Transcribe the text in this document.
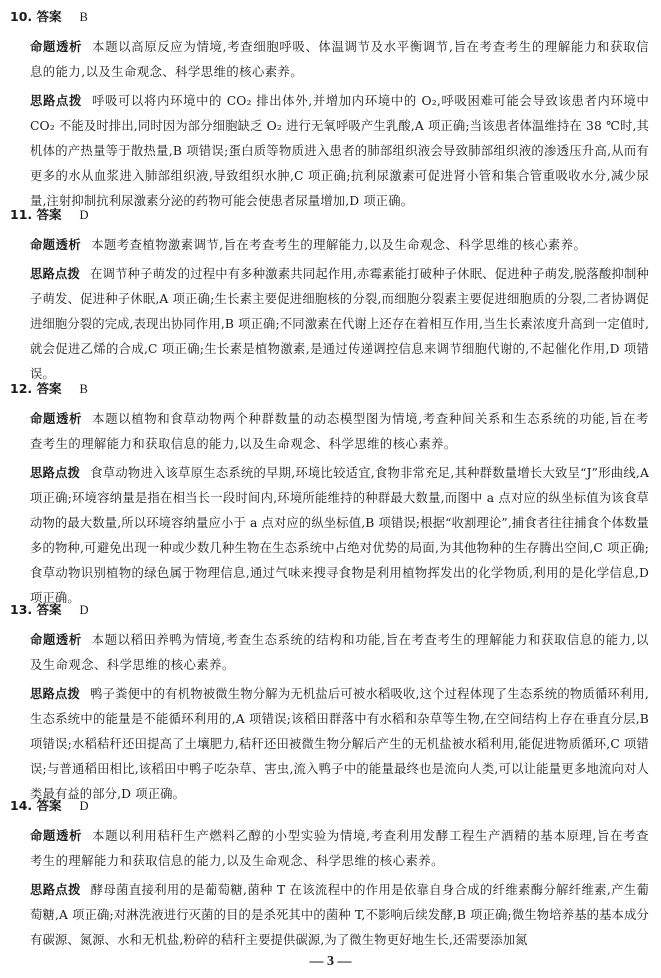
10. 答案 B
命题透析 本题以高原反应为情境,考查细胞呼吸、体温调节及水平衡调节,旨在考查考生的理解能力和获取信息的能力,以及生命观念、科学思维的核心素养。
思路点拨 呼吸可以将内环境中的 CO₂ 排出体外,并增加内环境中的 O₂,呼吸困难可能会导致该患者内环境中 CO₂ 不能及时排出,同时因为部分细胞缺乏 O₂ 进行无氧呼吸产生乳酸,A 项正确;当该患者体温维持在 38 ℃时,其机体的产热量等于散热量,B 项错误;蛋白质等物质进入患者的肺部组织液会导致肺部组织液的渗透压升高,从而有更多的水从血浆进入肺部组织液,导致组织水肿,C 项正确;抗利尿激素可促进肾小管和集合管重吸收水分,减少尿量,注射抑制抗利尿激素分泌的药物可能会使患者尿量增加,D 项正确。
11. 答案 D
命题透析 本题考查植物激素调节,旨在考查考生的理解能力,以及生命观念、科学思维的核心素养。
思路点拨 在调节种子萌发的过程中有多种激素共同起作用,赤霉素能打破种子休眠、促进种子萌发,脱落酸抑制种子萌发、促进种子休眠,A 项正确;生长素主要促进细胞核的分裂,而细胞分裂素主要促进细胞质的分裂,二者协调促进细胞分裂的完成,表现出协同作用,B 项正确;不同激素在代谢上还存在着相互作用,当生长素浓度升高到一定值时,就会促进乙烯的合成,C 项正确;生长素是植物激素,是通过传递调控信息来调节细胞代谢的,不起催化作用,D 项错误。
12. 答案 B
命题透析 本题以植物和食草动物两个种群数量的动态模型图为情境,考查种间关系和生态系统的功能,旨在考查考生的理解能力和获取信息的能力,以及生命观念、科学思维的核心素养。
思路点拨 食草动物进入该草原生态系统的早期,环境比较适宜,食物非常充足,其种群数量增长大致呈“J”形曲线,A 项正确;环境容纳量是指在相当长一段时间内,环境所能维持的种群最大数量,而图中 a 点对应的纵坐标值为该食草动物的最大数量,所以环境容纳量应小于 a 点对应的纵坐标值,B 项错误;根据“收割理论”,捕食者往往捕食个体数量多的物种,可避免出现一种或少数几种生物在生态系统中占绝对优势的局面,为其他物种的生存腾出空间,C 项正确;食草动物识别植物的绿色属于物理信息,通过气味来搜寻食物是利用植物挥发出的化学物质,利用的是化学信息,D 项正确。
13. 答案 D
命题透析 本题以稻田养鸭为情境,考查生态系统的结构和功能,旨在考查考生的理解能力和获取信息的能力,以及生命观念、科学思维的核心素养。
思路点拨 鸭子粪便中的有机物被微生物分解为无机盐后可被水稻吸收,这个过程体现了生态系统的物质循环利用,生态系统中的能量是不能循环利用的,A 项错误;该稻田群落中有水稻和杂草等生物,在空间结构上存在垂直分层,B 项错误;水稻秸秆还田提高了土壤肥力,秸秆还田被微生物分解后产生的无机盐被水稻利用,能促进物质循环,C 项错误;与普通稻田相比,该稻田中鸭子吃杂草、害虫,流入鸭子中的能量最终也是流向人类,可以让能量更多地流向对人类最有益的部分,D 项正确。
14. 答案 D
命题透析 本题以利用秸秆生产燃料乙醇的小型实验为情境,考查利用发酵工程生产酒精的基本原理,旨在考查考生的理解能力和获取信息的能力,以及生命观念、科学思维的核心素养。
思路点拨 酵母菌直接利用的是葡萄糖,菌种 T 在该流程中的作用是依靠自身合成的纤维素酶分解纤维素,产生葡萄糖,A 项正确;对淋洗液进行灭菌的目的是杀死其中的菌种 T,不影响后续发酵,B 项正确;微生物培养基的基本成分有碳源、氮源、水和无机盐,粉碎的秸秆主要提供碳源,为了微生物更好地生长,还需要添加氮
— 3 —
